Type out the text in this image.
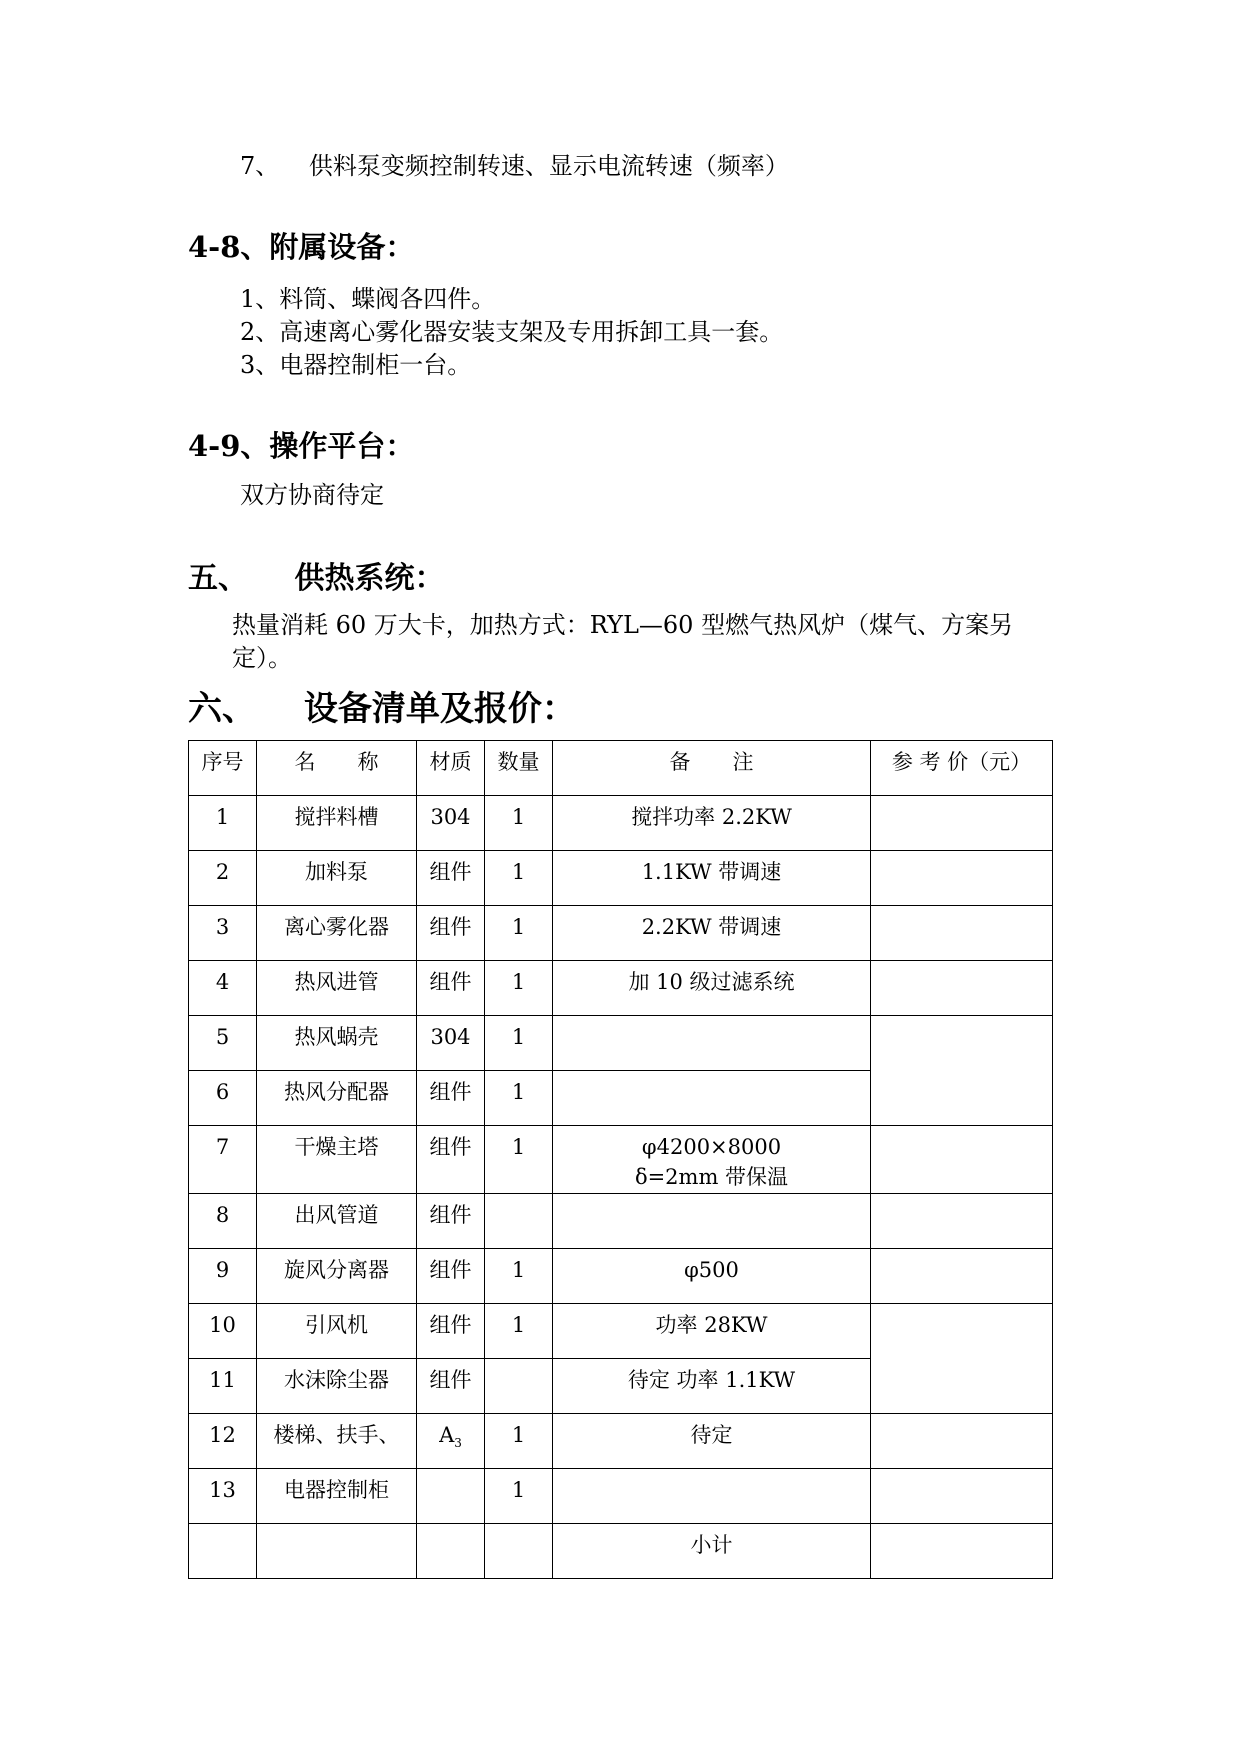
7、 供料泵变频控制转速、显示电流转速（频率）
4-8、附属设备：
1、料筒、蝶阀各四件。
2、高速离心雾化器安装支架及专用拆卸工具一套。
3、电器控制柜一台。
4-9、操作平台：
双方协商待定
五、 供热系统：
热量消耗 60 万大卡，加热方式：RYL—60 型燃气热风炉（煤气、方案另
定）。
六、 设备清单及报价：
序号	名　　称	材质	数量	备　　注	参 考 价（元）
1	搅拌料槽	304	1	搅拌功率 2.2KW	
2	加料泵	组件	1	1.1KW 带调速	
3	离心雾化器	组件	1	2.2KW 带调速	
4	热风进管	组件	1	加 10 级过滤系统	
5	热风蜗壳	304	1		
6	热风分配器	组件	1		
7	干燥主塔	组件	1	φ4200×8000
δ=2mm 带保温	

8	出风管道	组件			
9	旋风分离器	组件	1	φ500	
10	引风机	组件	1	功率 28KW	
11	水沫除尘器	组件		待定 功率 1.1KW	
12	楼梯、扶手、	$A_3$	1	待定	
13	电器控制柜		1		
				小计	
